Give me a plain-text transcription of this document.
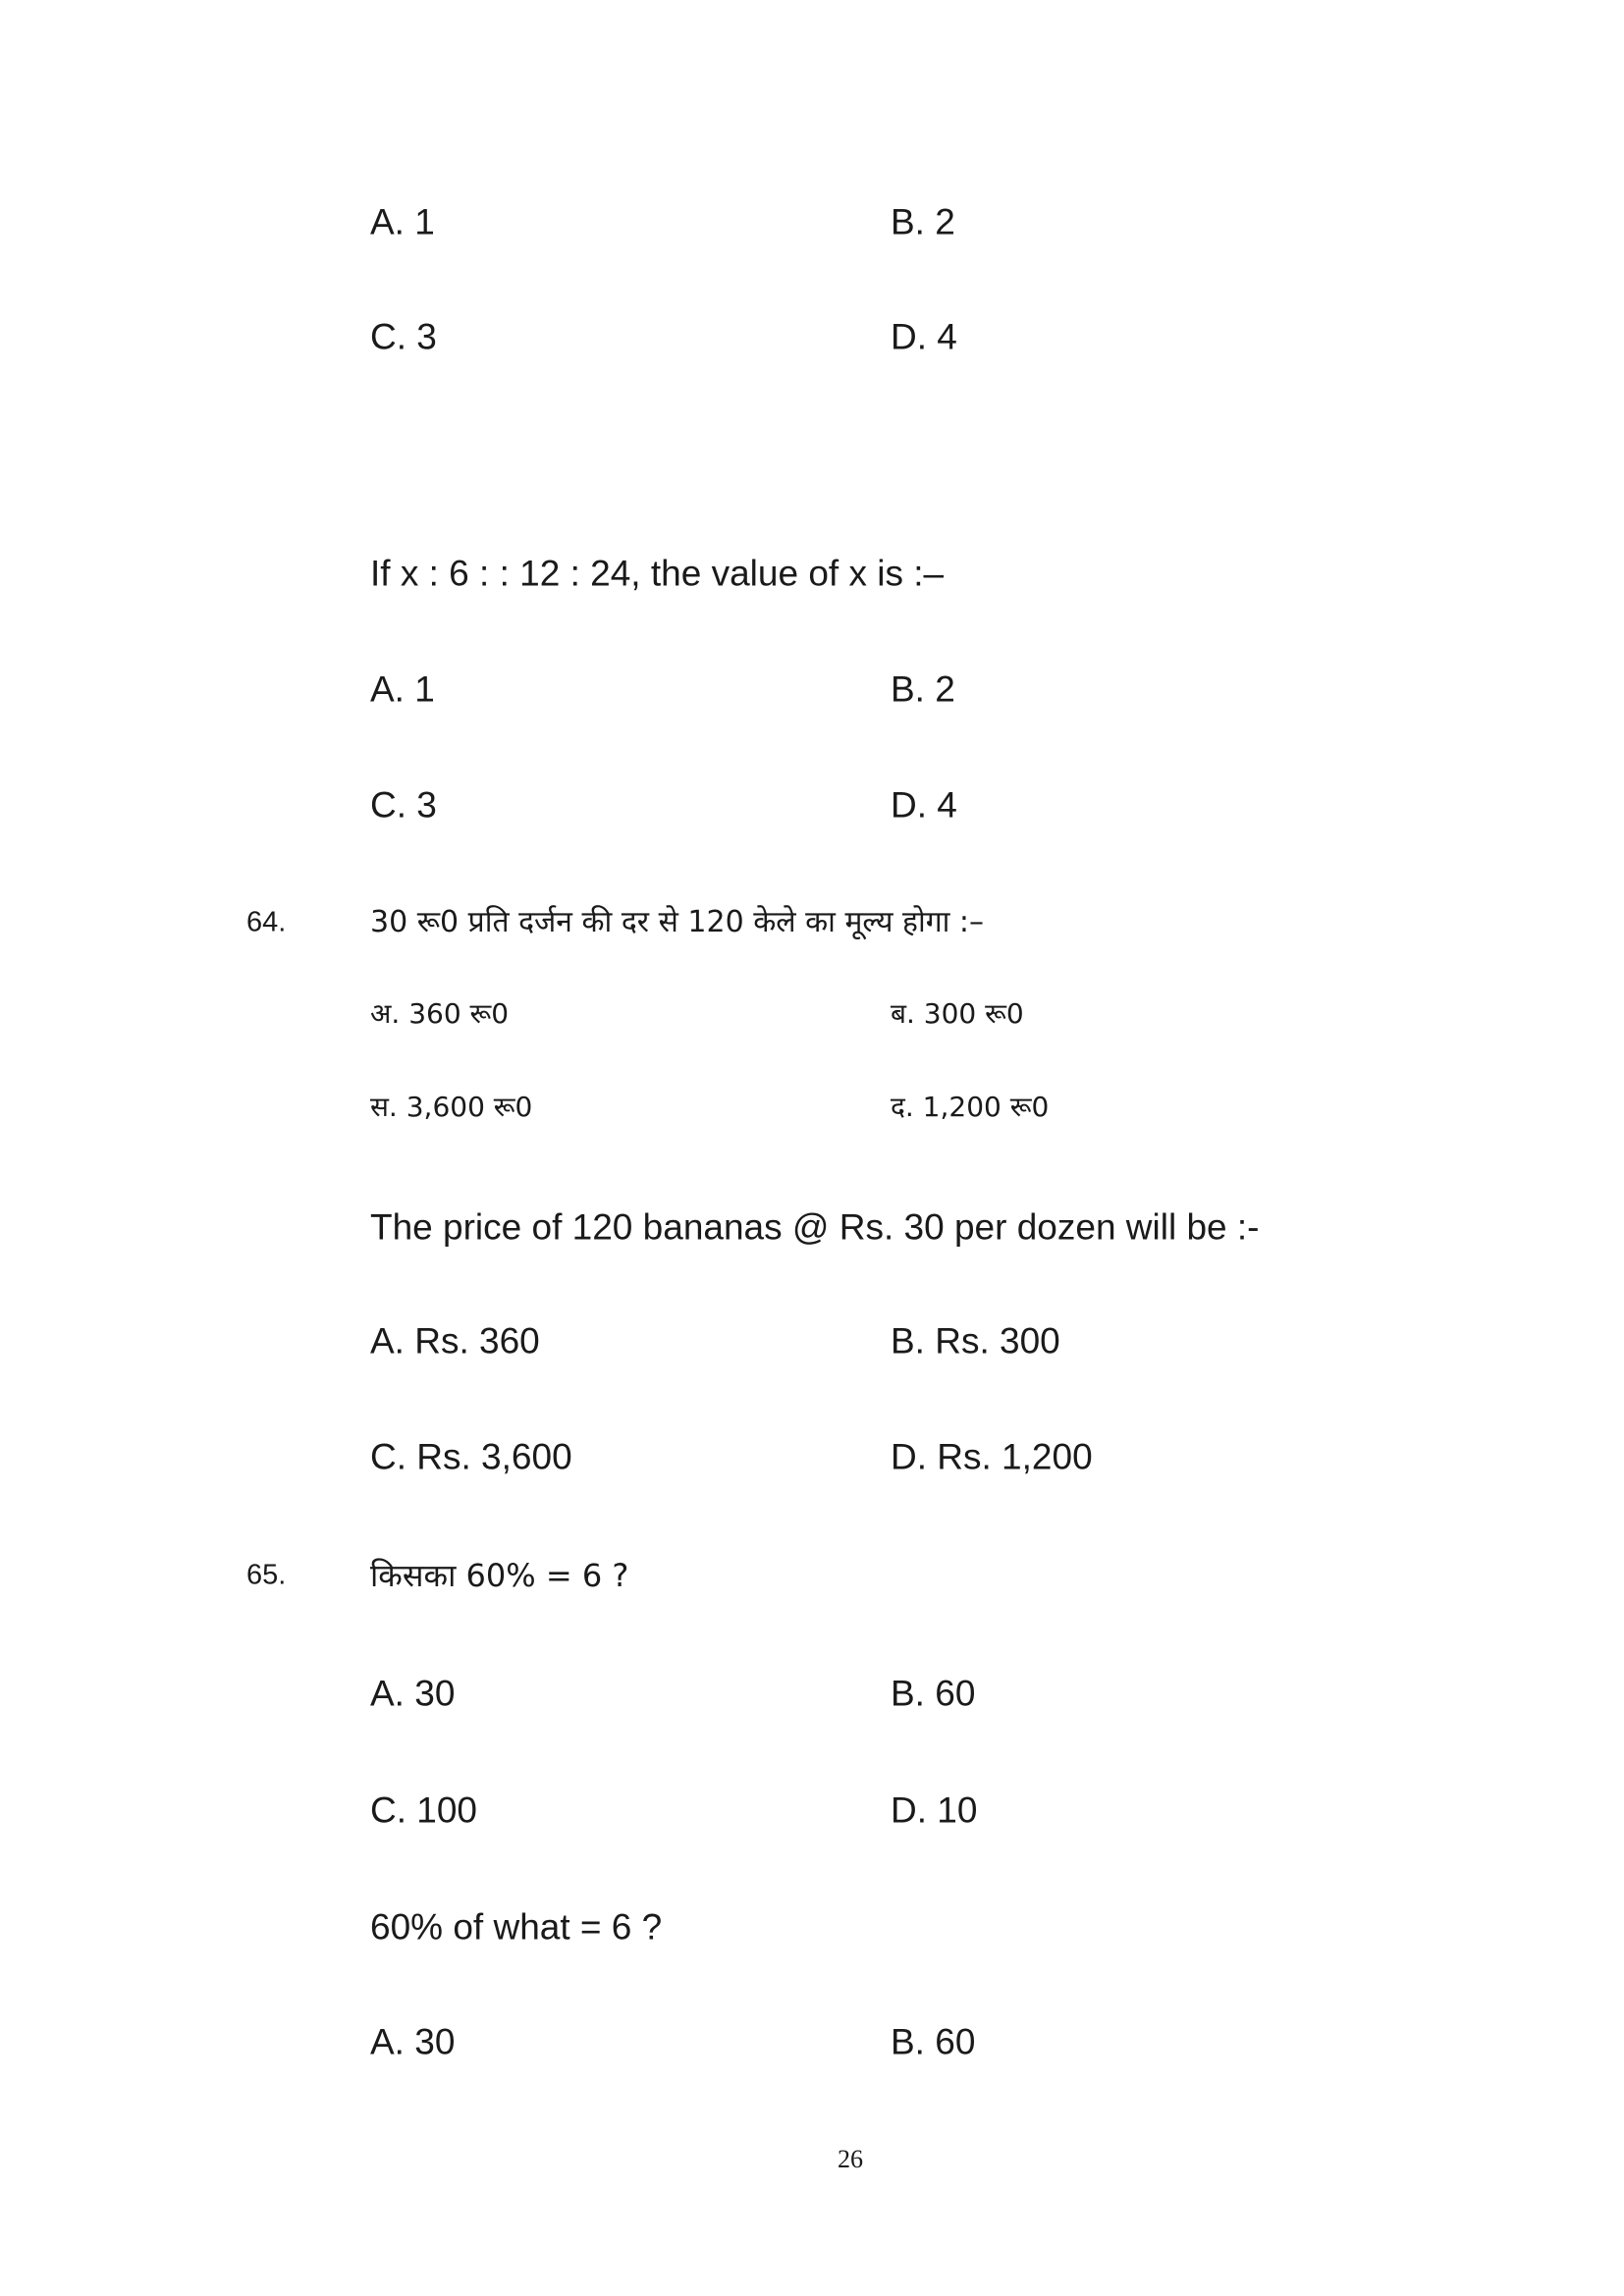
A. 1	B. 2
C. 3	D. 4
If x : 6 : : 12 : 24, the value of x is :–
A. 1	B. 2
C. 3	D. 4
64.	30 रू0 प्रति दर्जन की दर से 120 केले का मूल्य होगा :–
अ. 360 रू0	ब. 300 रू0
स. 3,600 रू0	द. 1,200 रू0
The price of 120 bananas @ Rs. 30 per dozen will be :-
A. Rs. 360	B. Rs. 300
C. Rs. 3,600	D. Rs. 1,200
65.	किसका 60% = 6 ?
A. 30	B. 60
C. 100	D. 10
60% of what = 6 ?
A. 30	B. 60
26
